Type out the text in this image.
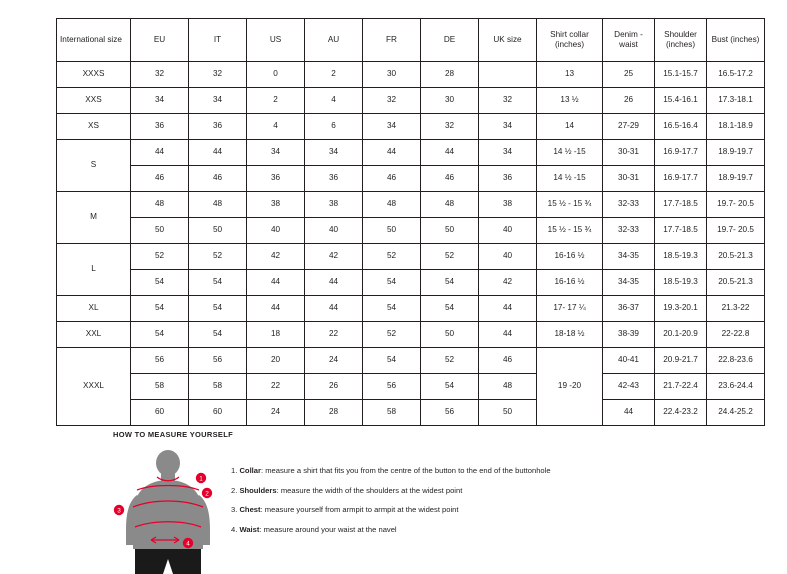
International size	EU	IT	US	AU	FR	DE	UK size	Shirt collar (inches)	Denim - waist	Shoulder (inches)	Bust (inches)
XXXS	32	32	0	2	30	28		13	25	15.1-15.7	16.5-17.2
XXS	34	34	2	4	32	30	32	13 ½	26	15.4-16.1	17.3-18.1
XS	36	36	4	6	34	32	34	14	27-29	16.5-16.4	18.1-18.9
S	44	44	34	34	44	44	34	14 ½ -15	30-31	16.9-17.7	18.9-19.7
	46	46	36	36	46	46	36	14 ½ -15	30-31	16.9-17.7	18.9-19.7
M	48	48	38	38	48	48	38	15 ½ - 15 ¾	32-33	17.7-18.5	19.7- 20.5
	50	50	40	40	50	50	40	15 ½ - 15 ¾	32-33	17.7-18.5	19.7- 20.5
L	52	52	42	42	52	52	40	16-16 ½	34-35	18.5-19.3	20.5-21.3
	54	54	44	44	54	54	42	16-16 ½	34-35	18.5-19.3	20.5-21.3
XL	54	54	44	44	54	54	44	17- 17 ¼	36-37	19.3-20.1	21.3-22
XXL	54	54	18	22	52	50	44	18-18 ½	38-39	20.1-20.9	22-22.8
XXXL	56	56	20	24	54	52	46	19 -20	40-41	20.9-21.7	22.8-23.6
	58	58	22	26	56	54	48		42-43	21.7-22.4	23.6-24.4
	60	60	24	28	58	56	50		44	22.4-23.2	24.4-25.2
HOW TO MEASURE YOURSELF
1
2
3
4
1. Collar: measure a shirt that fits you from the centre of the button to the end of the buttonhole
2. Shoulders: measure the width of the shoulders at the widest point
3. Chest: measure yourself from armpit to armpit at the widest point
4. Waist: measure around your waist at the navel
